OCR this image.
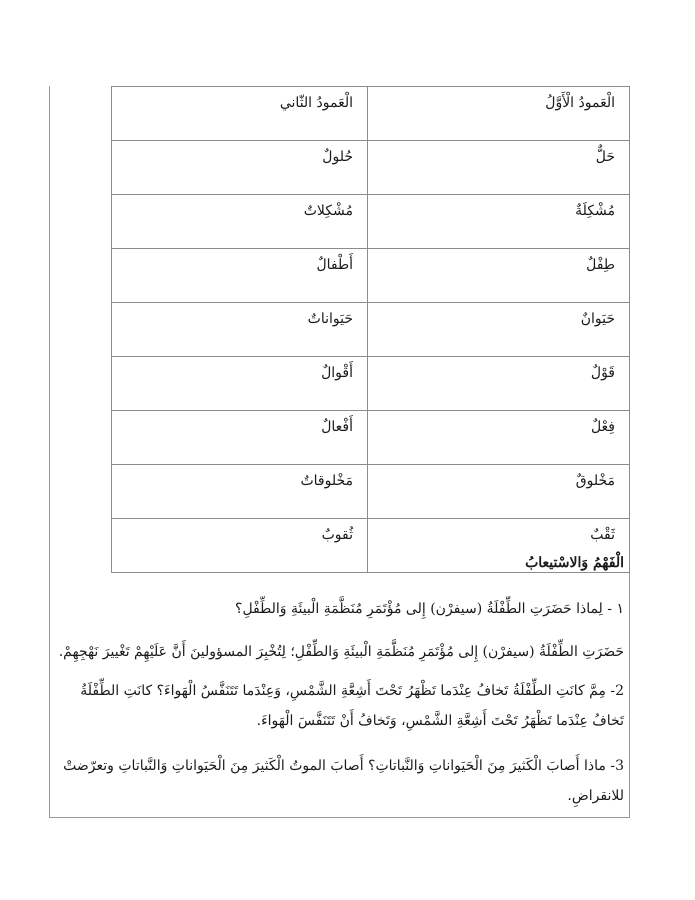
الْعَمودُ الْأَوَّلُ	الْعَمودُ الثّاني
حَلٌّ	حُلولٌ
مُشْكِلَةٌ	مُشْكِلاتٌ
طِفْلٌ	أَطْفالٌ
حَيَوانٌ	حَيَواناتٌ
قَوْلٌ	أَقْوالٌ
فِعْلٌ	أَفْعالٌ
مَخْلوقٌ	مَخْلوقاتٌ
ثَقْبٌ	ثُقوبٌ
الْفَهْمُ وَالاسْتيعابُ
١ - لِماذا حَضَرَتِ الطِّفْلَةُ (سيفرْن) إِلى مُؤْتَمَرِ مُنَظَّمَةِ الْبيئَةِ وَالطِّفْلِ؟
حَضَرَتِ الطِّفْلَةُ (سيفرْن) إِلى مُؤْتَمَرِ مُنَظَّمَةِ الْبيئَةِ وَالطِّفْلِ؛ لِتُخْبِرَ المسؤولينَ أَنَّ عَلَيْهِمْ تَغْييرَ نَهْجِهِمْ.
2- مِمَّ كانَتِ الطِّفْلَةُ تَخافُ عِنْدَما تَظْهَرُ تَحْتَ أَشِعَّةِ الشَّمْسِ، وَعِنْدَما تَتَنَفَّسُ الْهَواءَ؟ كانَتِ الطِّفْلَةُ تَخافُ عِنْدَما تَظْهَرُ تَحْتَ أَشِعَّةِ الشَّمْسِ، وَتَخافُ أَنْ تَتَنَفَّسَ الْهَواءَ.
3- ماذا أَصابَ الْكَثيرَ مِنَ الْحَيَواناتِ وَالنَّباتاتِ؟ أَصابَ الموتُ الْكَثيرَ مِنَ الْحَيَواناتِ وَالنَّباتاتِ وتعرّضتْ للانقراضِ.
